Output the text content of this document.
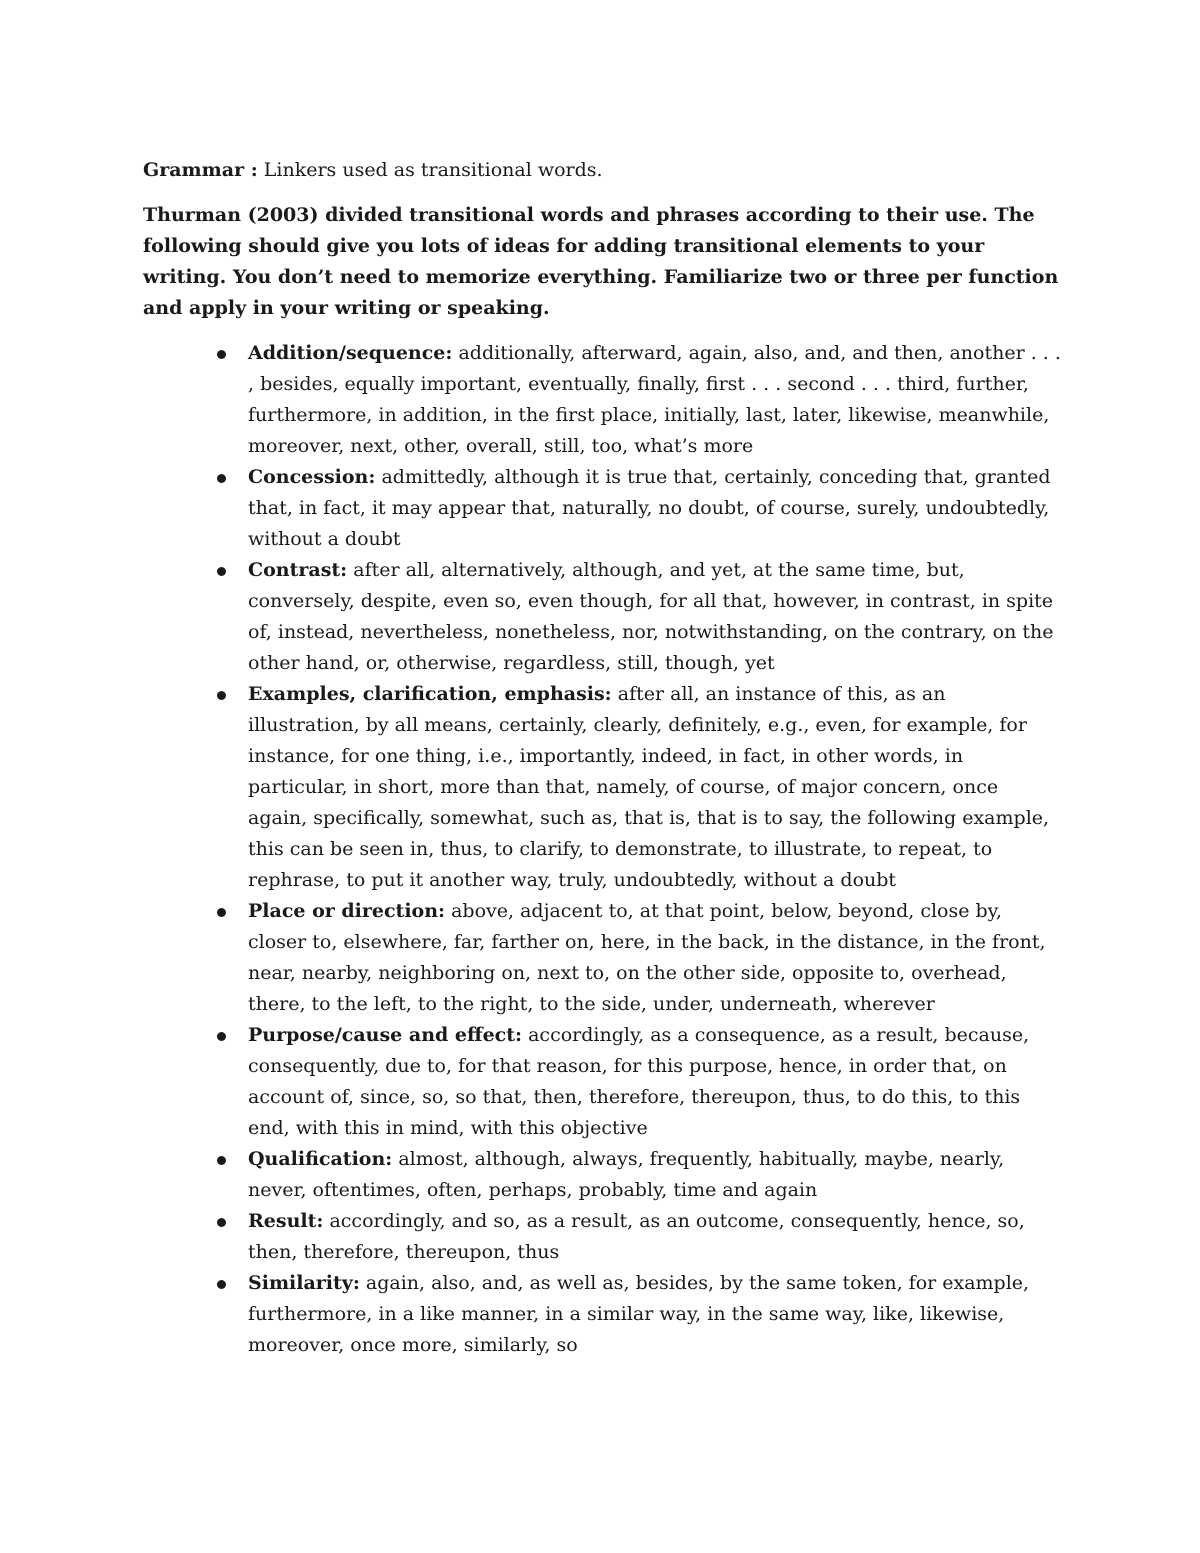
Grammar : Linkers used as transitional words.

Thurman (2003) divided transitional words and phrases according to their use. The following should give you lots of ideas for adding transitional elements to your writing. You don’t need to memorize everything. Familiarize two or three per function and apply in your writing or speaking.

Addition/sequence: additionally, afterward, again, also, and, and then, another . . . , besides, equally important, eventually, finally, first . . . second . . . third, further, furthermore, in addition, in the first place, initially, last, later, likewise, meanwhile, moreover, next, other, overall, still, too, what’s more
Concession: admittedly, although it is true that, certainly, conceding that, granted that, in fact, it may appear that, naturally, no doubt, of course, surely, undoubtedly, without a doubt
Contrast: after all, alternatively, although, and yet, at the same time, but, conversely, despite, even so, even though, for all that, however, in contrast, in spite of, instead, nevertheless, nonetheless, nor, notwithstanding, on the contrary, on the other hand, or, otherwise, regardless, still, though, yet
Examples, clarification, emphasis: after all, an instance of this, as an illustration, by all means, certainly, clearly, definitely, e.g., even, for example, for instance, for one thing, i.e., importantly, indeed, in fact, in other words, in particular, in short, more than that, namely, of course, of major concern, once again, specifically, somewhat, such as, that is, that is to say, the following example, this can be seen in, thus, to clarify, to demonstrate, to illustrate, to repeat, to rephrase, to put it another way, truly, undoubtedly, without a doubt
Place or direction: above, adjacent to, at that point, below, beyond, close by, closer to, elsewhere, far, farther on, here, in the back, in the distance, in the front, near, nearby, neighboring on, next to, on the other side, opposite to, overhead, there, to the left, to the right, to the side, under, underneath, wherever
Purpose/cause and effect: accordingly, as a consequence, as a result, because, consequently, due to, for that reason, for this purpose, hence, in order that, on account of, since, so, so that, then, therefore, thereupon, thus, to do this, to this end, with this in mind, with this objective
Qualification: almost, although, always, frequently, habitually, maybe, nearly, never, oftentimes, often, perhaps, probably, time and again
Result: accordingly, and so, as a result, as an outcome, consequently, hence, so, then, therefore, thereupon, thus
Similarity: again, also, and, as well as, besides, by the same token, for example, furthermore, in a like manner, in a similar way, in the same way, like, likewise, moreover, once more, similarly, so
